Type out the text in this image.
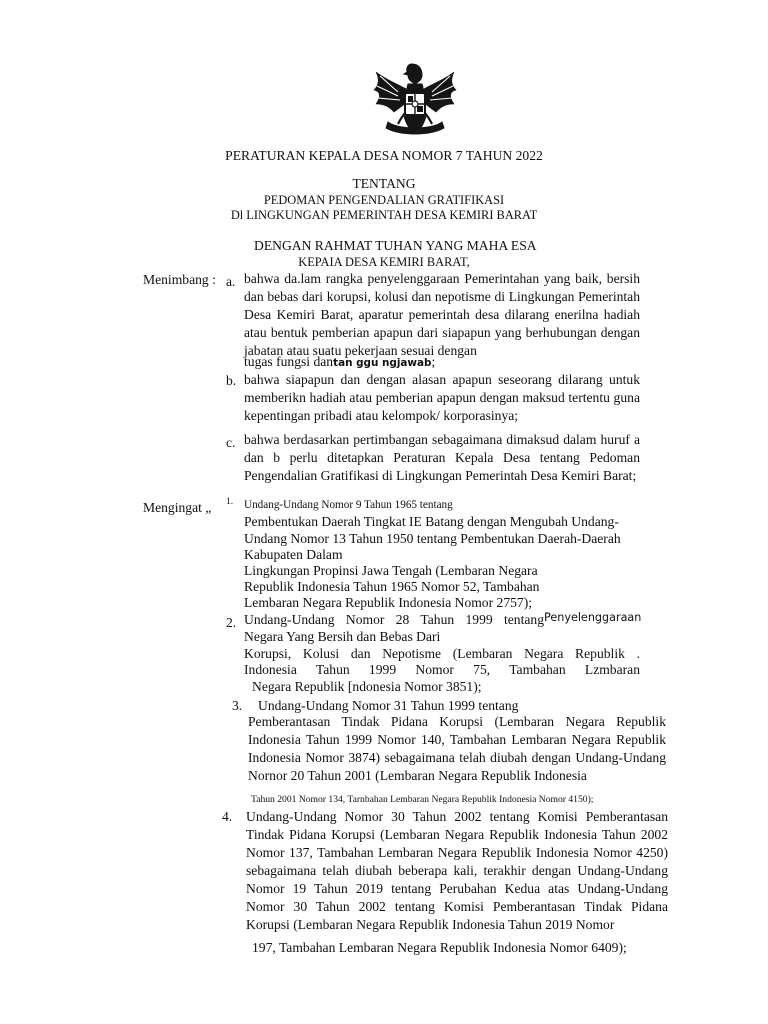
PERATURAN KEPALA DESA NOMOR 7 TAHUN 2022
TENTANG
PEDOMAN PENGENDALIAN GRATIFIKASI
Dl LINGKUNGAN PEMERINTAH DESA KEMIRI BARAT
DENGAN RAHMAT TUHAN YANG MAHA ESA
KEPAIA DESA KEMIRI BARAT,
Menimbang : a. bahwa da.lam rangka penyelenggaraan Pemerintahan yang baik, bersih dan bebas dari korupsi, kolusi dan nepotisme di Lingkungan Pemerintah Desa Kemiri Barat, aparatur pemerintah desa dilarang enerilna hadiah atau bentuk pemberian apapun dari siapapun yang berhubungan dengan jabatan atau suatu pekerjaan sesuai dengan
tugas fungsi dantan ggu ngjawab;
b. bahwa siapapun dan dengan alasan apapun seseorang dilarang untuk memberikn hadiah atau pemberian apapun dengan maksud tertentu guna kepentingan pribadi atau kelompok/ korporasinya;
c. bahwa berdasarkan pertimbangan sebagaimana dimaksud dalam huruf a dan b perlu ditetapkan Peraturan Kepala Desa tentang Pedoman Pengendalian Gratifikasi di Lingkungan Pemerintah Desa Kemiri Barat;
Mengingat „ 1. Undang-Undang Nomor 9 Tahun 1965 tentang
Pembentukan Daerah Tingkat IE Batang dengan Mengubah Undang-
Undang Nomor 13 Tahun 1950 tentang Pembentukan Daerah-Daerah
Kabupaten Dalam
Lingkungan Propinsi Jawa Tengah (Lembaran Negara
Republik Indonesia Tahun 1965 Nomor 52, Tambahan
Lembaran Negara Republik Indonesia Nomor 2757);
2. Undang-Undang Nomor 28 Tahun 1999 tentang Penyelenggaraan
Negara Yang Bersih dan Bebas Dari
Korupsi, Kolusi dan Nepotisme (Lembaran Negara Republik .
Indonesia Tahun 1999 Nomor 75, Tambahan Lzmbaran
Negara Republik [ndonesia Nomor 3851);
3. Undang-Undang Nomor 31 Tahun 1999 tentang
Pemberantasan Tindak Pidana Korupsi (Lembaran Negara Republik Indonesia Tahun 1999 Nomor 140, Tambahan Lembaran Negara Republik Indonesia Nomor 3874) sebagaimana telah diubah dengan Undang-Undang Nornor 20 Tahun 2001 (Lembaran Negara Republik Indonesia
Tahun 2001 Nomor 134, Tarnbahan Lembaran Negara Republik Indonesia Nomor 4150);
4. Undang-Undang Nomor 30 Tahun 2002 tentang Komisi Pemberantasan Tindak Pidana Korupsi (Lembaran Negara Republik Indonesia Tahun 2002 Nomor 137, Tambahan Lembaran Negara Republik Indonesia Nomor 4250) sebagaimana telah diubah beberapa kali, terakhir dengan Undang-Undang Nomor 19 Tahun 2019 tentang Perubahan Kedua atas Undang-Undang Nomor 30 Tahun 2002 tentang Komisi Pemberantasan Tindak Pidana Korupsi (Lembaran Negara Republik Indonesia Tahun 2019 Nomor
197, Tambahan Lembaran Negara Republik Indonesia Nomor 6409);
